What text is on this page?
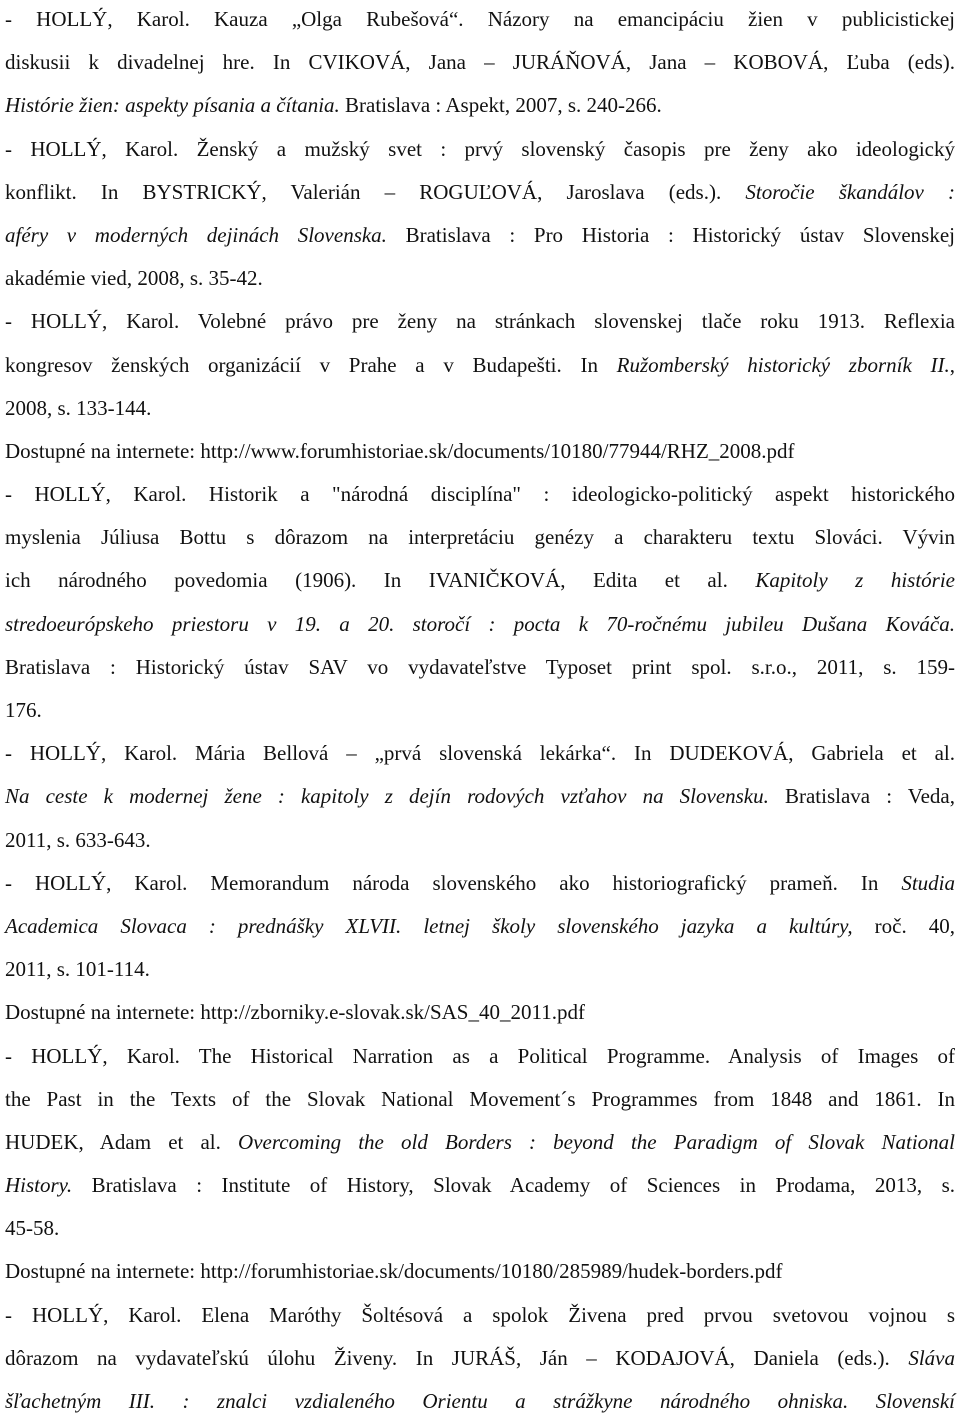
- HOLLÝ, Karol. Kauza „Olga Rubešová“. Názory na emancipáciu žien v publicistickej
diskusii k divadelnej hre. In CVIKOVÁ, Jana – JURÁŇOVÁ, Jana – KOBOVÁ, Ľuba (eds).
Histórie žien: aspekty písania a čítania. Bratislava : Aspekt, 2007, s. 240-266.
- HOLLÝ, Karol. Ženský a mužský svet : prvý slovenský časopis pre ženy ako ideologický
konflikt. In BYSTRICKÝ, Valerián – ROGUĽOVÁ, Jaroslava (eds.). Storočie škandálov :
aféry v moderných dejinách Slovenska. Bratislava : Pro Historia : Historický ústav Slovenskej
akadémie vied, 2008, s. 35-42.
- HOLLÝ, Karol. Volebné právo pre ženy na stránkach slovenskej tlače roku 1913. Reflexia
kongresov ženských organizácií v Prahe a v Budapešti. In Ružomberský historický zborník II.,
2008, s. 133-144.
Dostupné na internete: http://www.forumhistoriae.sk/documents/10180/77944/RHZ_2008.pdf
- HOLLÝ, Karol. Historik a "národná disciplína" : ideologicko-politický aspekt historického
myslenia Júliusa Bottu s dôrazom na interpretáciu genézy a charakteru textu Slováci. Vývin
ich národného povedomia (1906). In IVANIČKOVÁ, Edita et al. Kapitoly z histórie
stredoeurópskeho priestoru v 19. a 20. storočí : pocta k 70-ročnému jubileu Dušana Kováča.
Bratislava : Historický ústav SAV vo vydavateľstve Typoset print spol. s.r.o., 2011, s. 159-
176.
- HOLLÝ, Karol. Mária Bellová – „prvá slovenská lekárka“. In DUDEKOVÁ, Gabriela et al.
Na ceste k modernej žene : kapitoly z dejín rodových vzťahov na Slovensku. Bratislava : Veda,
2011, s. 633-643.
- HOLLÝ, Karol. Memorandum národa slovenského ako historiografický prameň. In Studia
Academica Slovaca : prednášky XLVII. letnej školy slovenského jazyka a kultúry, roč. 40,
2011, s. 101-114.
Dostupné na internete: http://zborniky.e-slovak.sk/SAS_40_2011.pdf
- HOLLÝ, Karol. The Historical Narration as a Political Programme. Analysis of Images of
the Past in the Texts of the Slovak National Movement´s Programmes from 1848 and 1861. In
HUDEK, Adam et al. Overcoming the old Borders : beyond the Paradigm of Slovak National
History. Bratislava : Institute of History, Slovak Academy of Sciences in Prodama, 2013, s.
45-58.
Dostupné na internete: http://forumhistoriae.sk/documents/10180/285989/hudek-borders.pdf
- HOLLÝ, Karol. Elena Maróthy Šoltésová a spolok Živena pred prvou svetovou vojnou s
dôrazom na vydavateľskú úlohu Živeny. In JURÁŠ, Ján – KODAJOVÁ, Daniela (eds.). Sláva
šľachetným III. : znalci vzdialeného Orientu a strážkyne národného ohniska. Slovenskí
